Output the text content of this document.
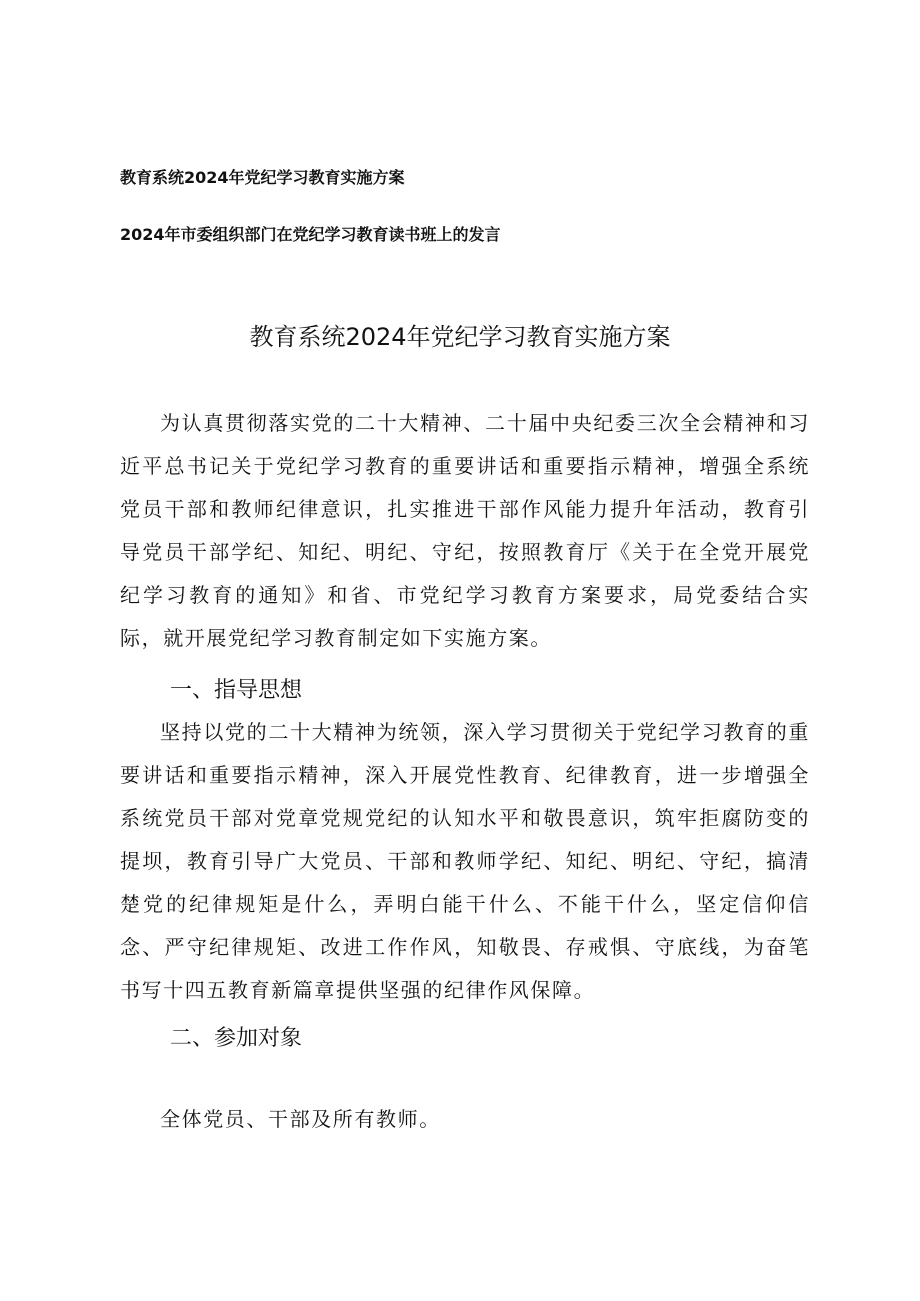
教育系统2024年党纪学习教育实施方案
2024年市委组织部门在党纪学习教育读书班上的发言
教育系统2024年党纪学习教育实施方案

为认真贯彻落实党的二十大精神、二十届中央纪委三次全会精神和习近平总书记关于党纪学习教育的重要讲话和重要指示精神，增强全系统党员干部和教师纪律意识，扎实推进干部作风能力提升年活动，教育引导党员干部学纪、知纪、明纪、守纪，按照教育厅《关于在全党开展党纪学习教育的通知》和省、市党纪学习教育方案要求，局党委结合实际，就开展党纪学习教育制定如下实施方案。

一、指导思想

坚持以党的二十大精神为统领，深入学习贯彻关于党纪学习教育的重要讲话和重要指示精神，深入开展党性教育、纪律教育，进一步增强全系统党员干部对党章党规党纪的认知水平和敬畏意识，筑牢拒腐防变的提坝，教育引导广大党员、干部和教师学纪、知纪、明纪、守纪，搞清楚党的纪律规矩是什么，弄明白能干什么、不能干什么，坚定信仰信念、严守纪律规矩、改进工作作风，知敬畏、存戒惧、守底线，为奋笔书写十四五教育新篇章提供坚强的纪律作风保障。

二、参加对象

全体党员、干部及所有教师。
